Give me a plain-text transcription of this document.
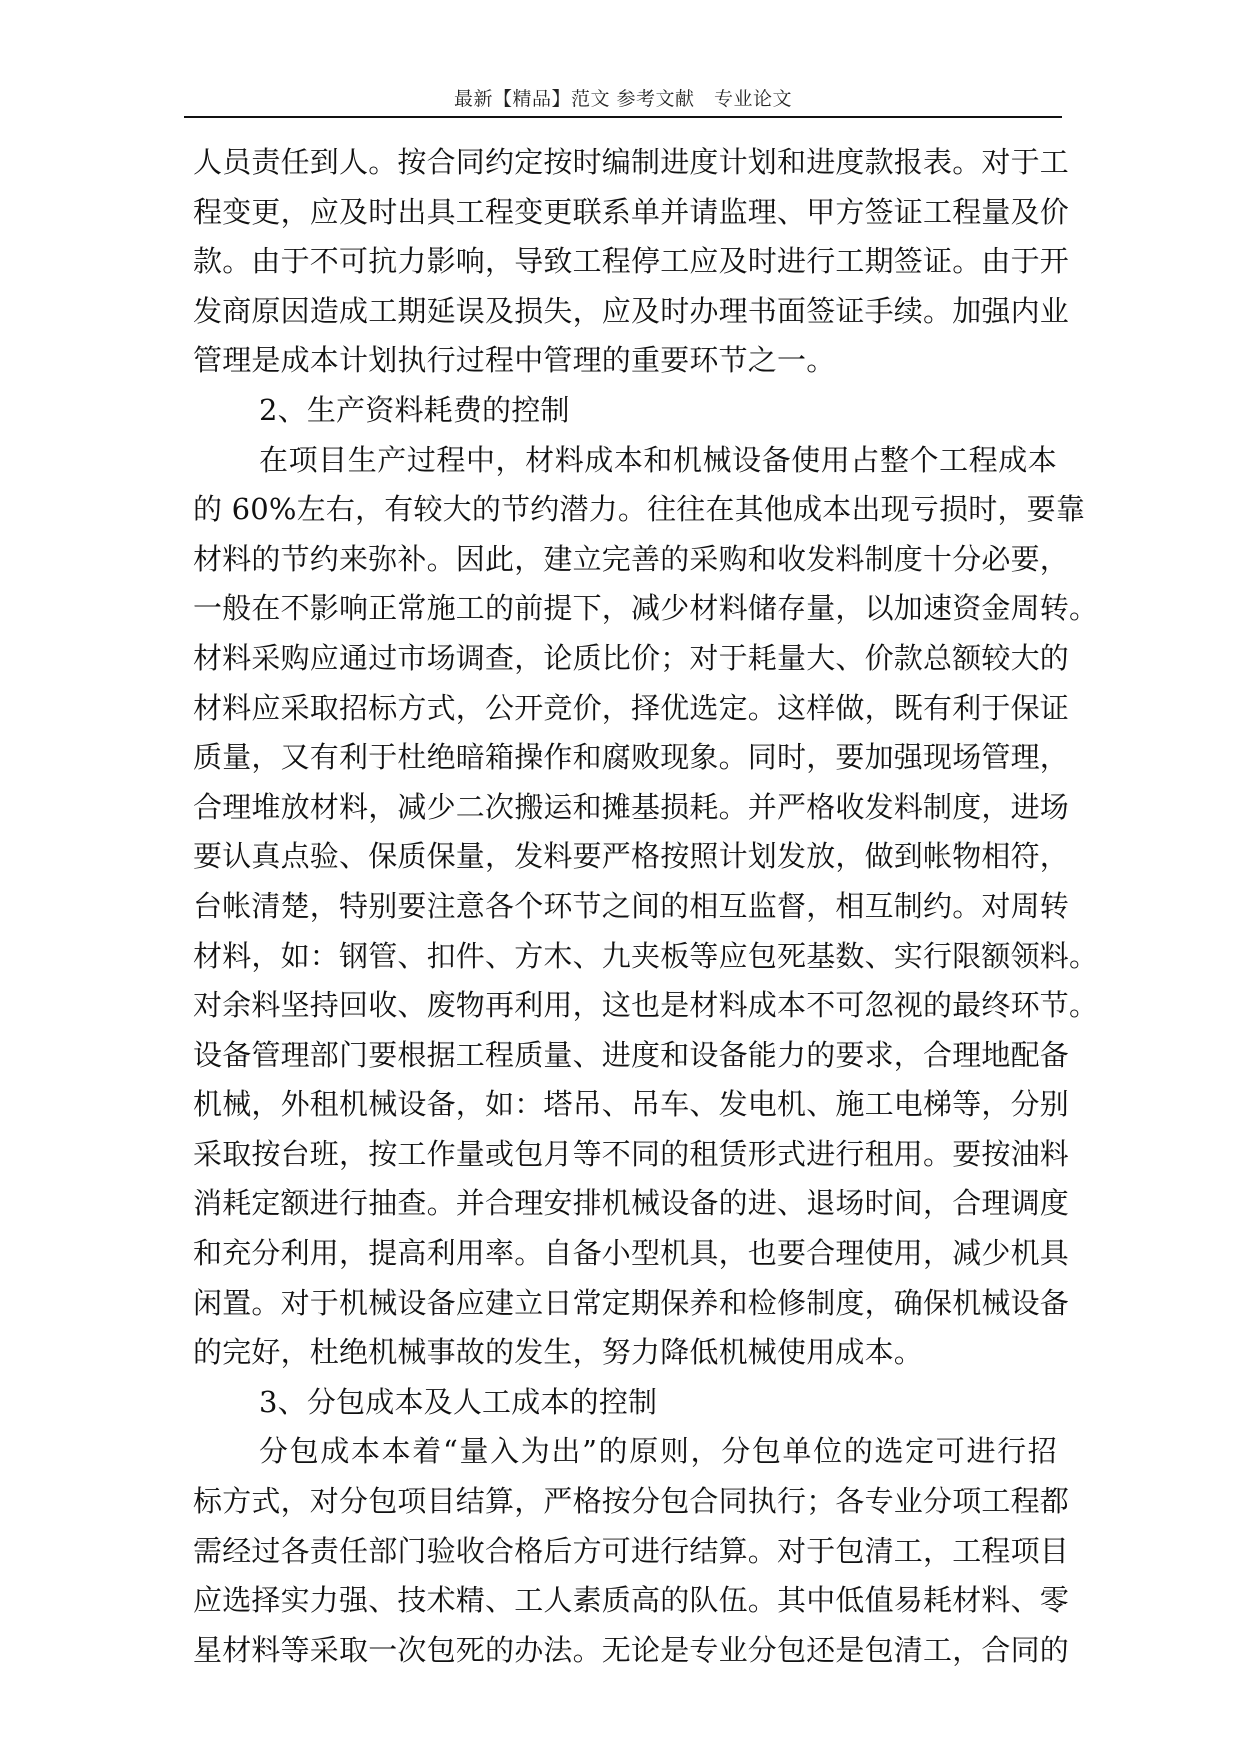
最新【精品】范文 参考文献　专业论文
人员责任到人。按合同约定按时编制进度计划和进度款报表。对于工
程变更，应及时出具工程变更联系单并请监理、甲方签证工程量及价
款。由于不可抗力影响，导致工程停工应及时进行工期签证。由于开
发商原因造成工期延误及损失，应及时办理书面签证手续。加强内业
管理是成本计划执行过程中管理的重要环节之一。
2、生产资料耗费的控制
在项目生产过程中，材料成本和机械设备使用占整个工程成本
的 60%左右，有较大的节约潜力。往往在其他成本出现亏损时，要靠
材料的节约来弥补。因此，建立完善的采购和收发料制度十分必要，
一般在不影响正常施工的前提下，减少材料储存量，以加速资金周转。
材料采购应通过市场调查，论质比价；对于耗量大、价款总额较大的
材料应采取招标方式，公开竞价，择优选定。这样做，既有利于保证
质量，又有利于杜绝暗箱操作和腐败现象。同时，要加强现场管理，
合理堆放材料，减少二次搬运和摊基损耗。并严格收发料制度，进场
要认真点验、保质保量，发料要严格按照计划发放，做到帐物相符，
台帐清楚，特别要注意各个环节之间的相互监督，相互制约。对周转
材料，如：钢管、扣件、方木、九夹板等应包死基数、实行限额领料。
对余料坚持回收、废物再利用，这也是材料成本不可忽视的最终环节。
设备管理部门要根据工程质量、进度和设备能力的要求，合理地配备
机械，外租机械设备，如：塔吊、吊车、发电机、施工电梯等，分别
采取按台班，按工作量或包月等不同的租赁形式进行租用。要按油料
消耗定额进行抽查。并合理安排机械设备的进、退场时间，合理调度
和充分利用，提高利用率。自备小型机具，也要合理使用，减少机具
闲置。对于机械设备应建立日常定期保养和检修制度，确保机械设备
的完好，杜绝机械事故的发生，努力降低机械使用成本。
3、分包成本及人工成本的控制
分包成本本着“量入为出”的原则，分包单位的选定可进行招
标方式，对分包项目结算，严格按分包合同执行；各专业分项工程都
需经过各责任部门验收合格后方可进行结算。对于包清工，工程项目
应选择实力强、技术精、工人素质高的队伍。其中低值易耗材料、零
星材料等采取一次包死的办法。无论是专业分包还是包清工，合同的
